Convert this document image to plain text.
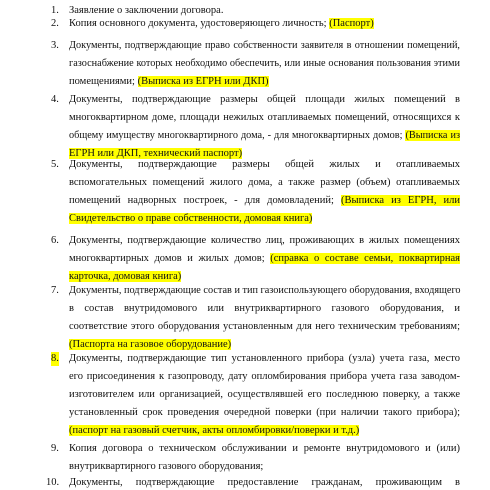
1. Заявление о заключении договора.
2. Копия основного документа, удостоверяющего личность; (Паспорт)
3. Документы, подтверждающие право собственности заявителя в отношении помещений,
газоснабжение которых необходимо обеспечить, или иные основания пользования этими
помещениями; (Выписка из ЕГРН или ДКП)
4. Документы, подтверждающие размеры общей площади жилых помещений в
многоквартирном доме, площади нежилых отапливаемых помещений, относящихся к
общему имуществу многоквартирного дома, - для многоквартирных домов; (Выписка из
ЕГРН или ДКП, технический паспорт)
5. Документы, подтверждающие размеры общей жилых и отапливаемых
вспомогательных помещений жилого дома, а также размер (объем) отапливаемых
помещений надворных построек, - для домовладений; (Выписка из ЕГРН, или
Свидетельство о праве собственности, домовая книга)
6. Документы, подтверждающие количество лиц, проживающих в жилых помещениях
многоквартирных домов и жилых домов; (справка о составе семьи, поквартирная
карточка, домовая книга)
7. Документы, подтверждающие состав и тип газоиспользующего оборудования, входящего
в состав внутридомового или внутриквартирного газового оборудования, и
соответствие этого оборудования установленным для него техническим требованиям;
(Паспорта на газовое оборудование)
8. Документы, подтверждающие тип установленного прибора (узла) учета газа, место
его присоединения к газопроводу, дату опломбирования прибора учета газа заводом-
изготовителем или организацией, осуществлявшей его последнюю поверку, а также
установленный срок проведения очередной поверки (при наличии такого прибора);
(паспорт на газовый счетчик, акты опломбировки/поверки и т.д.)
9. Копия договора о техническом обслуживании и ремонте внутридомового и (или)
внутриквартирного газового оборудования;
10. Документы, подтверждающие предоставление гражданам, проживающим в
